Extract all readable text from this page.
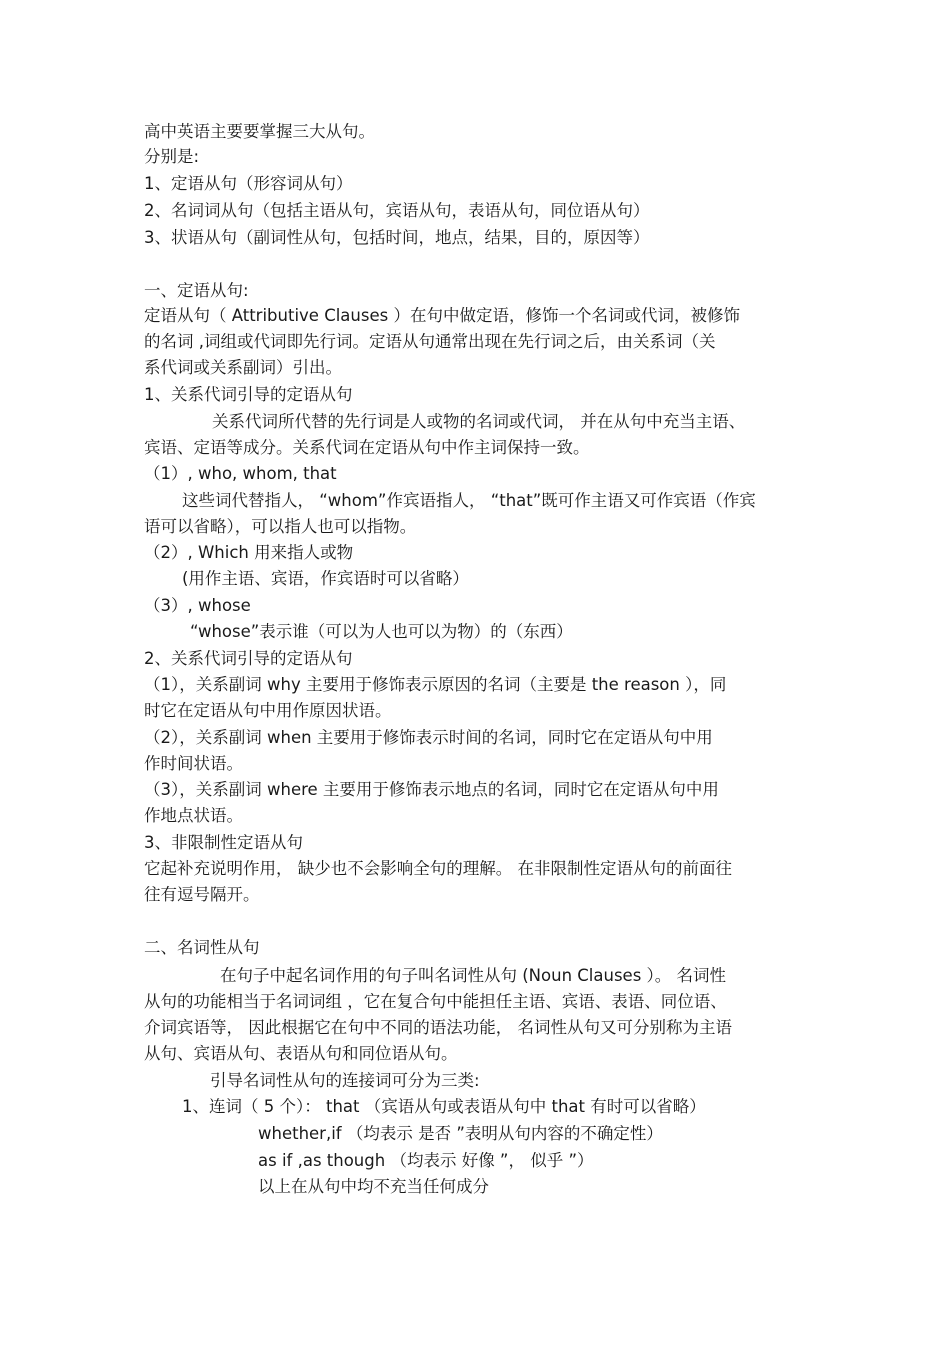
高中英语主要要掌握三大从句。
分别是:
1、定语从句（形容词从句）
2、名词词从句（包括主语从句，宾语从句，表语从句，同位语从句）
3、状语从句（副词性从句，包括时间，地点，结果，目的，原因等）
一、定语从句:
定语从句（ Attributive Clauses ）在句中做定语，修饰一个名词或代词，被修饰
的名词 ,词组或代词即先行词。定语从句通常出现在先行词之后，由关系词（关
系代词或关系副词）引出。
1、关系代词引导的定语从句
关系代词所代替的先行词是人或物的名词或代词， 并在从句中充当主语、
宾语、定语等成分。关系代词在定语从句中作主词保持一致。
（1）, who, whom, that
这些词代替指人， “whom”作宾语指人， “that”既可作主语又可作宾语（作宾
语可以省略），可以指人也可以指物。
（2）, Which 用来指人或物
(用作主语、宾语，作宾语时可以省略）
（3）, whose
“whose”表示谁（可以为人也可以为物）的（东西）
2、关系代词引导的定语从句
（1），关系副词 why 主要用于修饰表示原因的名词（主要是 the reason ），同
时它在定语从句中用作原因状语。
（2），关系副词 when 主要用于修饰表示时间的名词，同时它在定语从句中用
作时间状语。
（3），关系副词 where 主要用于修饰表示地点的名词，同时它在定语从句中用
作地点状语。
3、非限制性定语从句
它起补充说明作用， 缺少也不会影响全句的理解。 在非限制性定语从句的前面往
往有逗号隔开。
二、名词性从句
在句子中起名词作用的句子叫名词性从句 (Noun Clauses ）。 名词性
从句的功能相当于名词词组 ，它在复合句中能担任主语、宾语、表语、同位语、
介词宾语等， 因此根据它在句中不同的语法功能， 名词性从句又可分别称为主语
从句、宾语从句、表语从句和同位语从句。
引导名词性从句的连接词可分为三类:
1、连词（ 5 个）： that （宾语从句或表语从句中 that 有时可以省略）
whether,if （均表示 是否 ”表明从句内容的不确定性）
as if ,as though （均表示 好像 ”， 似乎 ”）
以上在从句中均不充当任何成分
